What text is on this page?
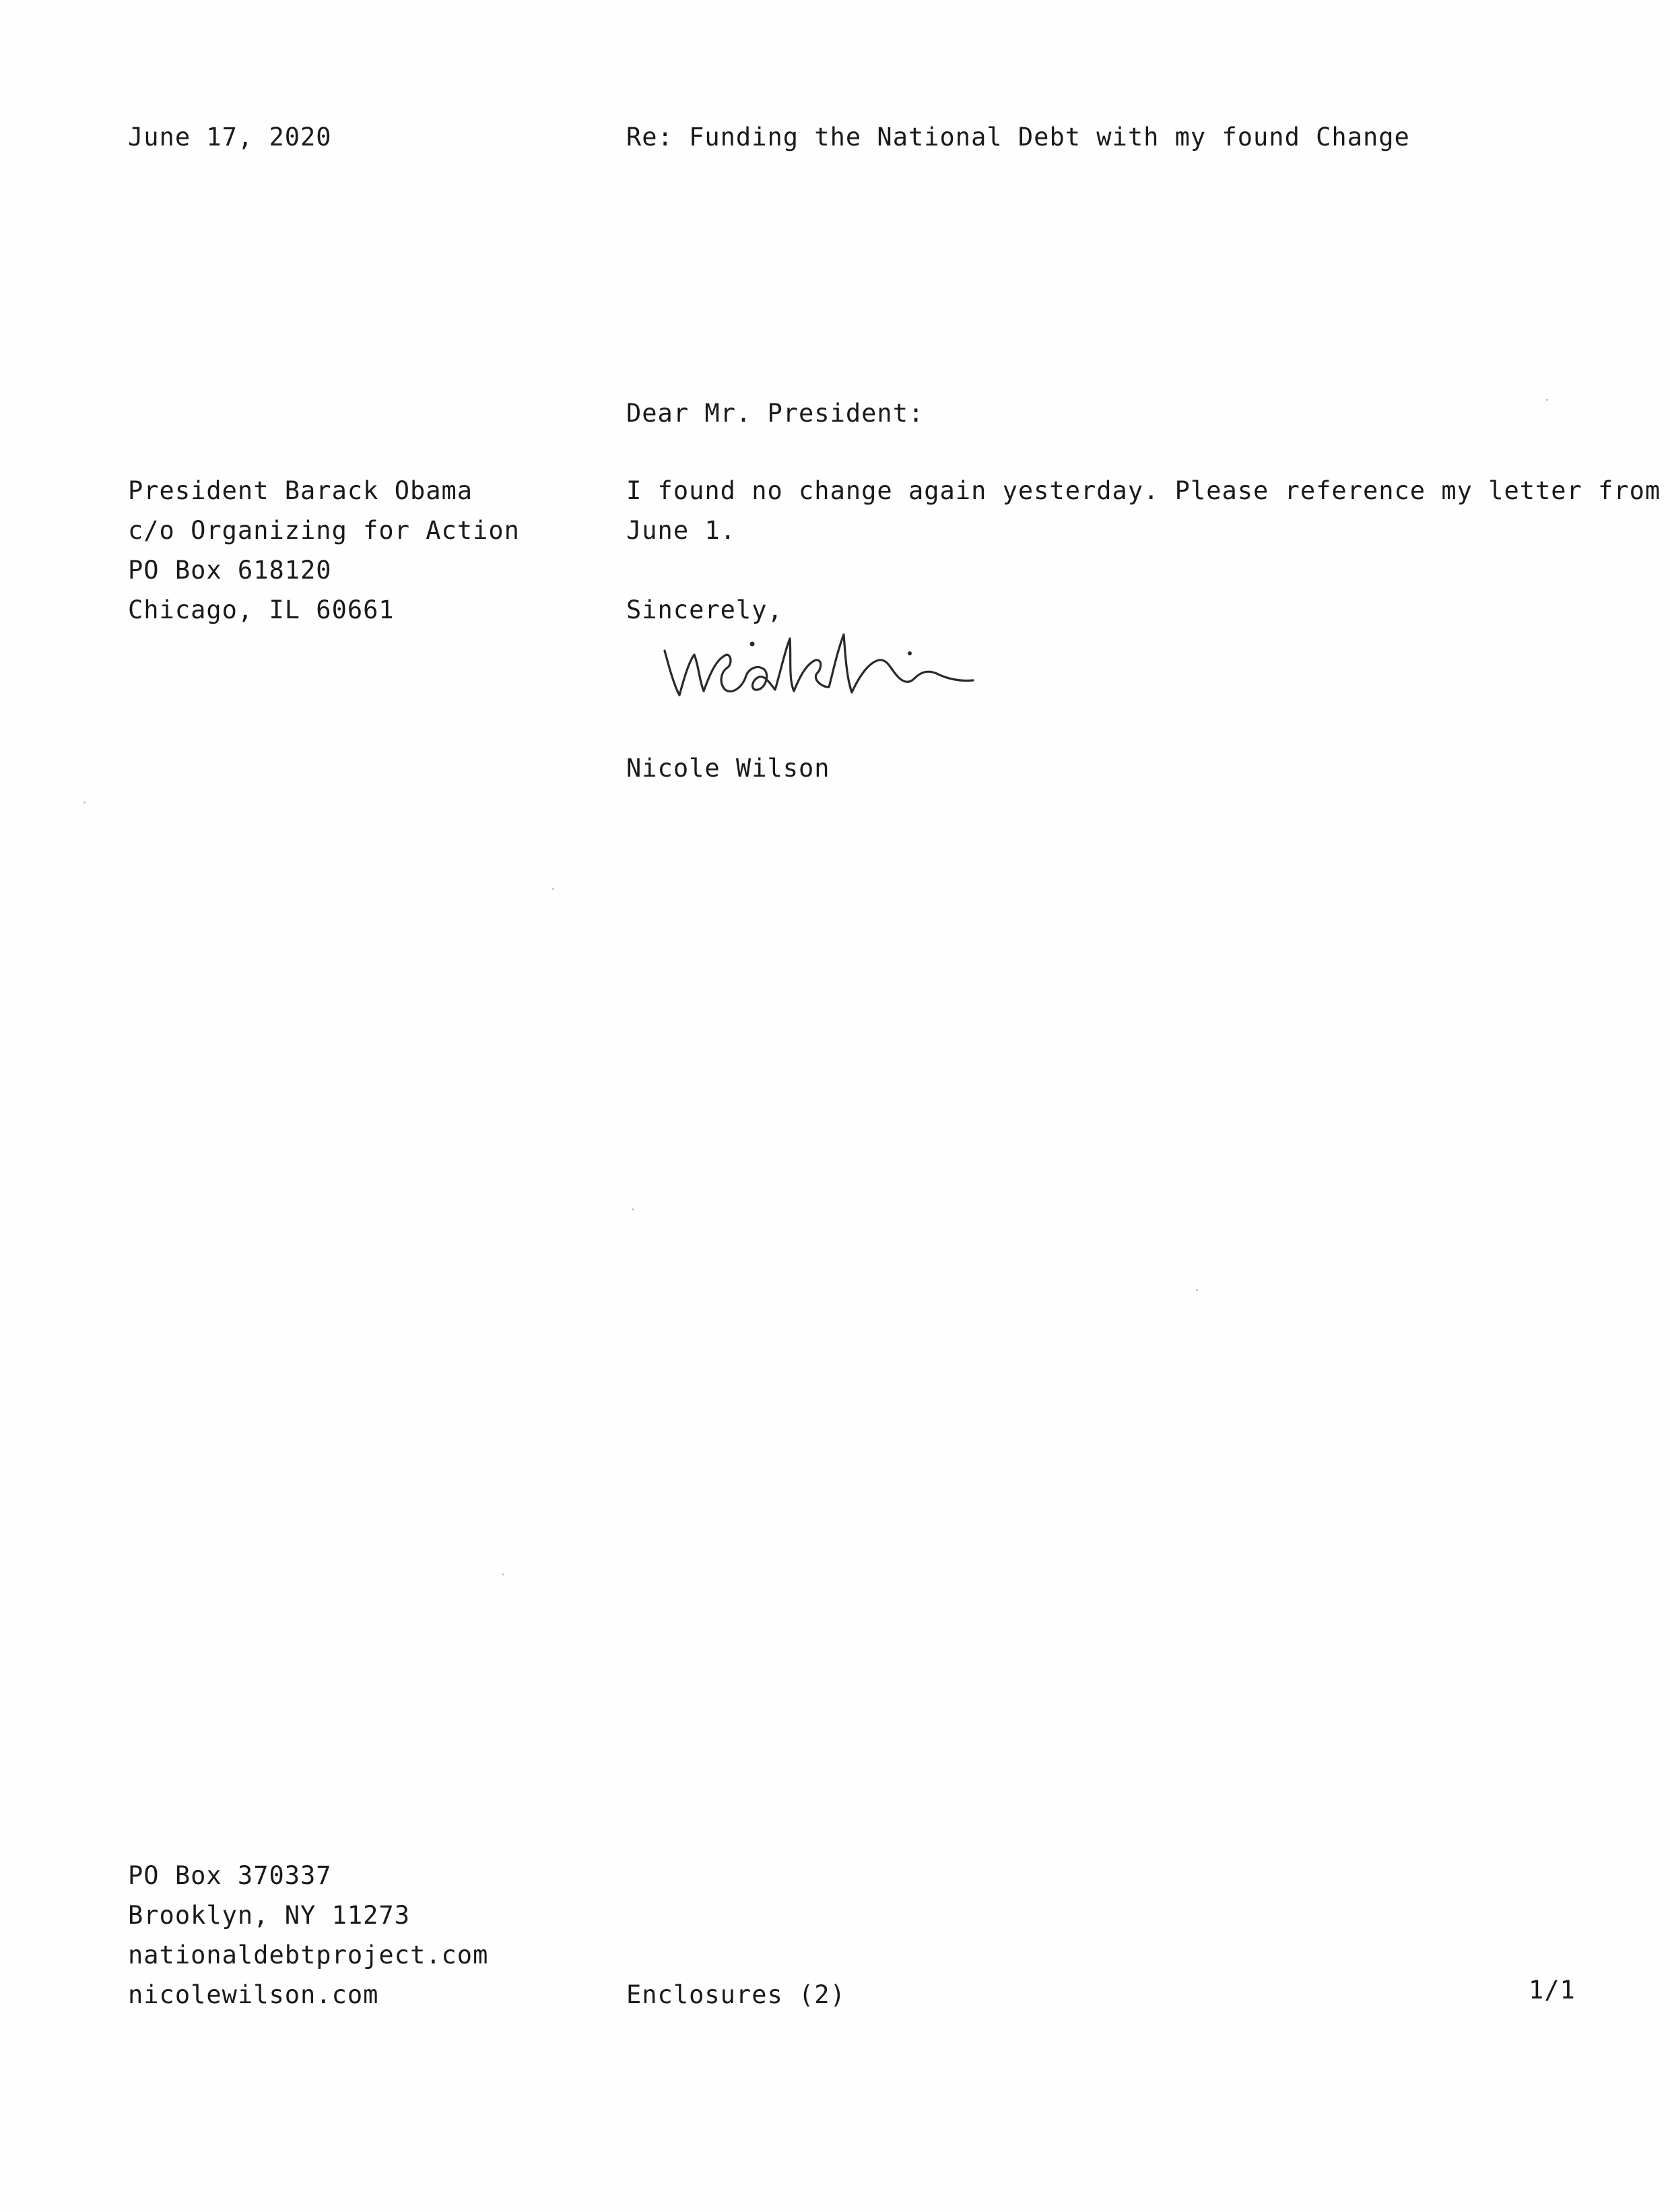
June 17, 2020	Re: Funding the National Debt with my found Change
Dear Mr. President:
President Barack Obama
c/o Organizing for Action
PO Box 618120
Chicago, IL 60661
I found no change again yesterday. Please reference my letter from
June 1.
Sincerely,
Nicole Wilson
PO Box 370337
Brooklyn, NY 11273
nationaldebtproject.com
nicolewilson.com	Enclosures (2)	1/1
